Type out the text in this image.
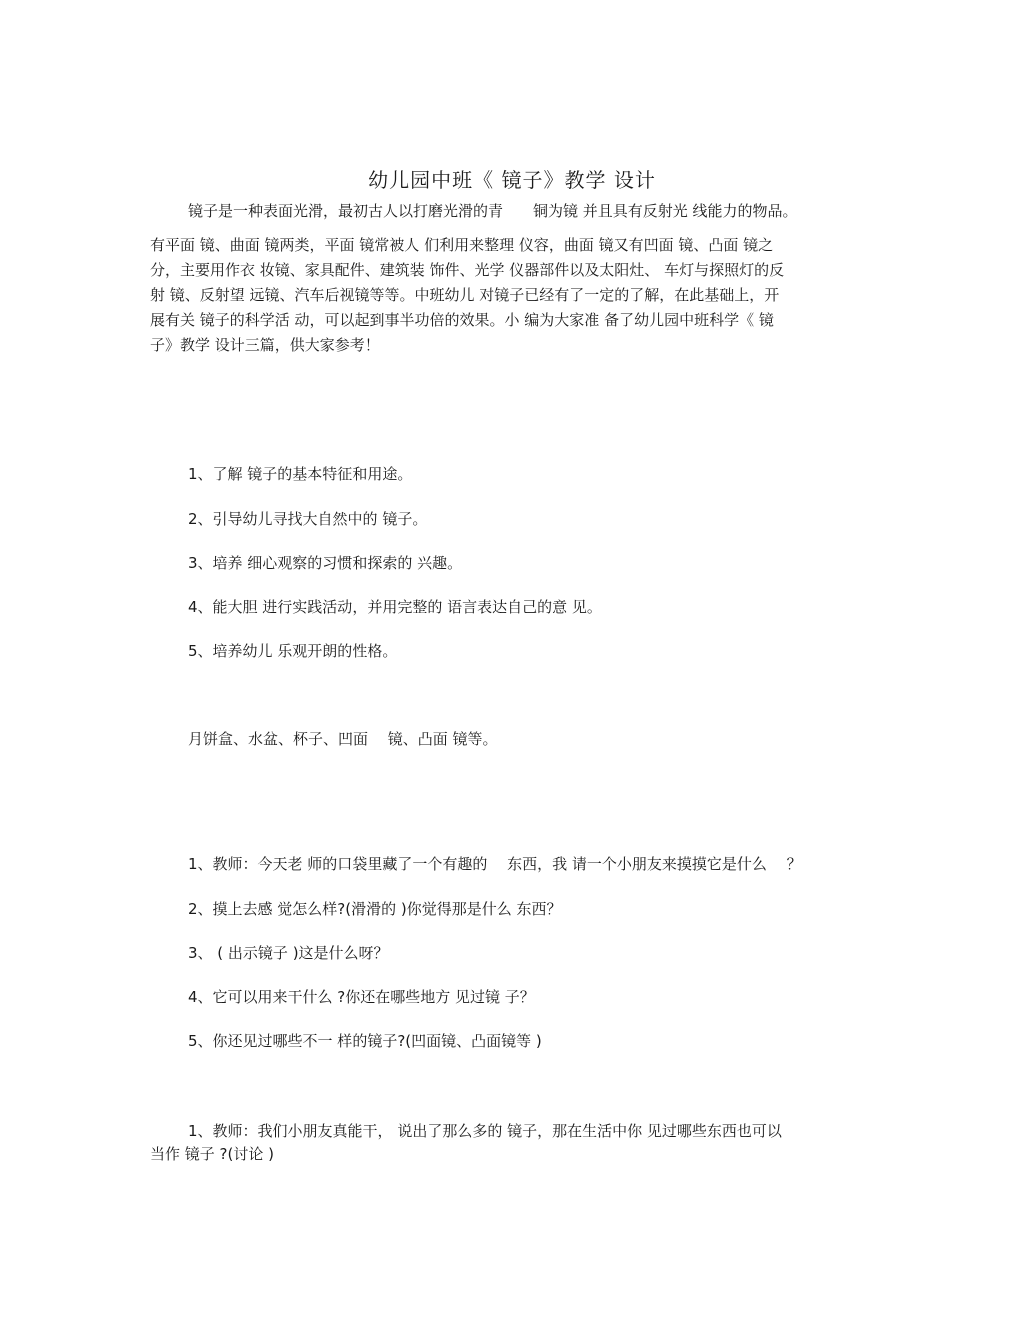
幼儿园中班《 镜子》教学 设计
镜子是一种表面光滑，最初古人以打磨光滑的青　　铜为镜 并且具有反射光 线能力的物品。
有平面 镜、曲面 镜两类，平面 镜常被人 们利用来整理 仪容，曲面 镜又有凹面 镜、凸面 镜之
分，主要用作衣 妆镜、家具配件、建筑装 饰件、光学 仪器部件以及太阳灶、 车灯与探照灯的反
射 镜、反射望 远镜、汽车后视镜等等。中班幼儿 对镜子已经有了一定的了解，在此基础上，开
展有关 镜子的科学活 动，可以起到事半功倍的效果。小 编为大家准 备了幼儿园中班科学《 镜
子》教学 设计三篇，供大家参考！
1、了解 镜子的基本特征和用途。
2、引导幼儿寻找大自然中的 镜子。
3、培养 细心观察的习惯和探索的 兴趣。
4、能大胆 进行实践活动，并用完整的 语言表达自己的意 见。
5、培养幼儿 乐观开朗的性格。
月饼盒、水盆、杯子、凹面 　镜、凸面 镜等。
1、教师：今天老 师的口袋里藏了一个有趣的 　东西，我 请一个小朋友来摸摸它是什么 　？
2、摸上去感 觉怎么样?(滑滑的 )你觉得那是什么 东西？
3、 ( 出示镜子 )这是什么呀？
4、它可以用来干什么 ?你还在哪些地方 见过镜 子？
5、你还见过哪些不一 样的镜子?(凹面镜、凸面镜等 )
1、教师：我们小朋友真能干， 说出了那么多的 镜子，那在生活中你 见过哪些东西也可以
当作 镜子 ?(讨论 )
